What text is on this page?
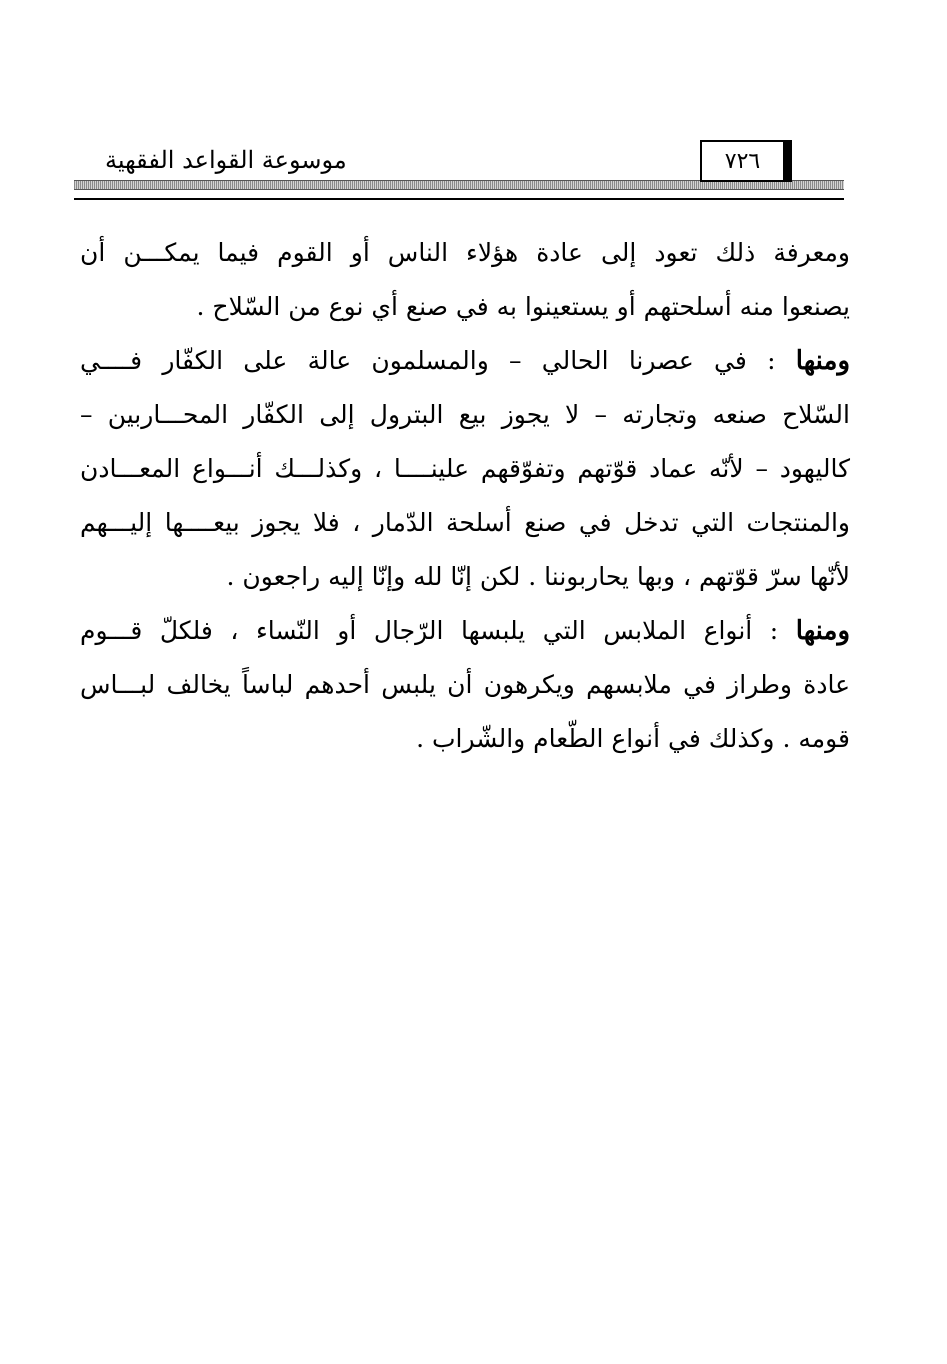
موسوعة القواعد الفقهية	٧٢٦
ومعرفة ذلك تعود إلى عادة هؤلاء الناس أو القوم فيما يمكـــن أن
يصنعوا منه أسلحتهم أو يستعينوا به في صنع أي نوع من السّلاح .
ومنها : في عصرنا الحالي – والمسلمون عالة على الكفّار فــــي
السّلاح صنعه وتجارته – لا يجوز بيع البترول إلى الكفّار المحـــاربين –
كاليهود – لأنّه عماد قوّتهم وتفوّقهم علينــــا ، وكذلـــك أنـــواع المعـــادن
والمنتجات التي تدخل في صنع أسلحة الدّمار ، فلا يجوز بيعــــها إليـــهم
لأنّها سرّ قوّتهم ، وبها يحاربوننا . لكن إنّا لله وإنّا إليه راجعون .
ومنها : أنواع الملابس التي يلبسها الرّجال أو النّساء ، فلكلّ قـــوم
عادة وطراز في ملابسهم ويكرهون أن يلبس أحدهم لباساً يخالف لبـــاس
قومه . وكذلك في أنواع الطّعام والشّراب .
